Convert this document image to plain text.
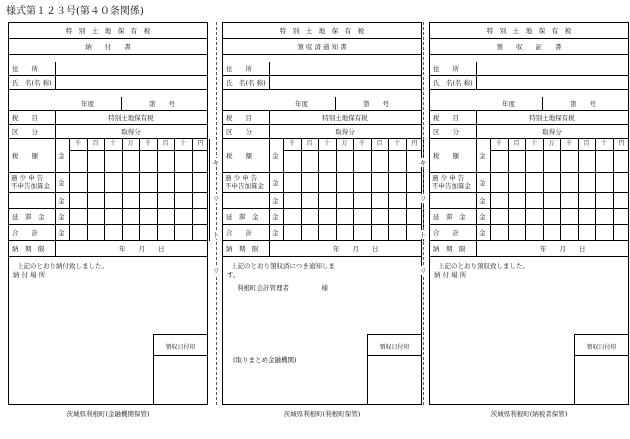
様式第１２３号(第４０条関係)
特　別　土　地　保　有　税
納　　付　　書
住　　所
氏　名(名 称)
年度	第　　号
税　　目	特別土地保有税
区　　分	取得分
税　　額	金
千	百	十	万	千	百	十	円
過 少 申 告
不申告加算金 金
金
延　滞　金 金
合　　計	金
納　期　限	年　　月　　日
上記のとおり納付致しました。
納 付 場 所
領収日付印
茨城県利根町(金融機関保管)
特　別　土　地　保　有　税
領 収 済 通 知 書
住　　所
氏　名(名 称)
年度	第　　号
税　　目	特別土地保有税
区　　分	取得分
税　　額	金
千	百	十	万	千	百	十	円
過 少 申 告
不申告加算金 金
金
延　滞　金 金
合　　計	金
納　期　限	年　　月　　日
上記のとおり領収済につき通知しま
す。
利根町会計管理者　　　　　様
(取りまとめ金融機関)
領収日付印
茨城県利根町(利根町保管)
特　別　土　地　保　有　税
領　　収　　証　　書
住　　所
氏　名(名 称)
年度	第　　号
税　　目	特別土地保有税
区　　分	取得分
税　　額	金
千	百	十	万	千	百	十	円
過 少 申 告
不申告加算金 金
金
延　滞　金 金
合　　計	金
納　期　限	年　　月　　日
上記のとおり領収致しました。
納 付 場 所
領収日付印
茨城県利根町(納税者保管)
キ
リ
ト
リ
キ
リ
ト
リ
